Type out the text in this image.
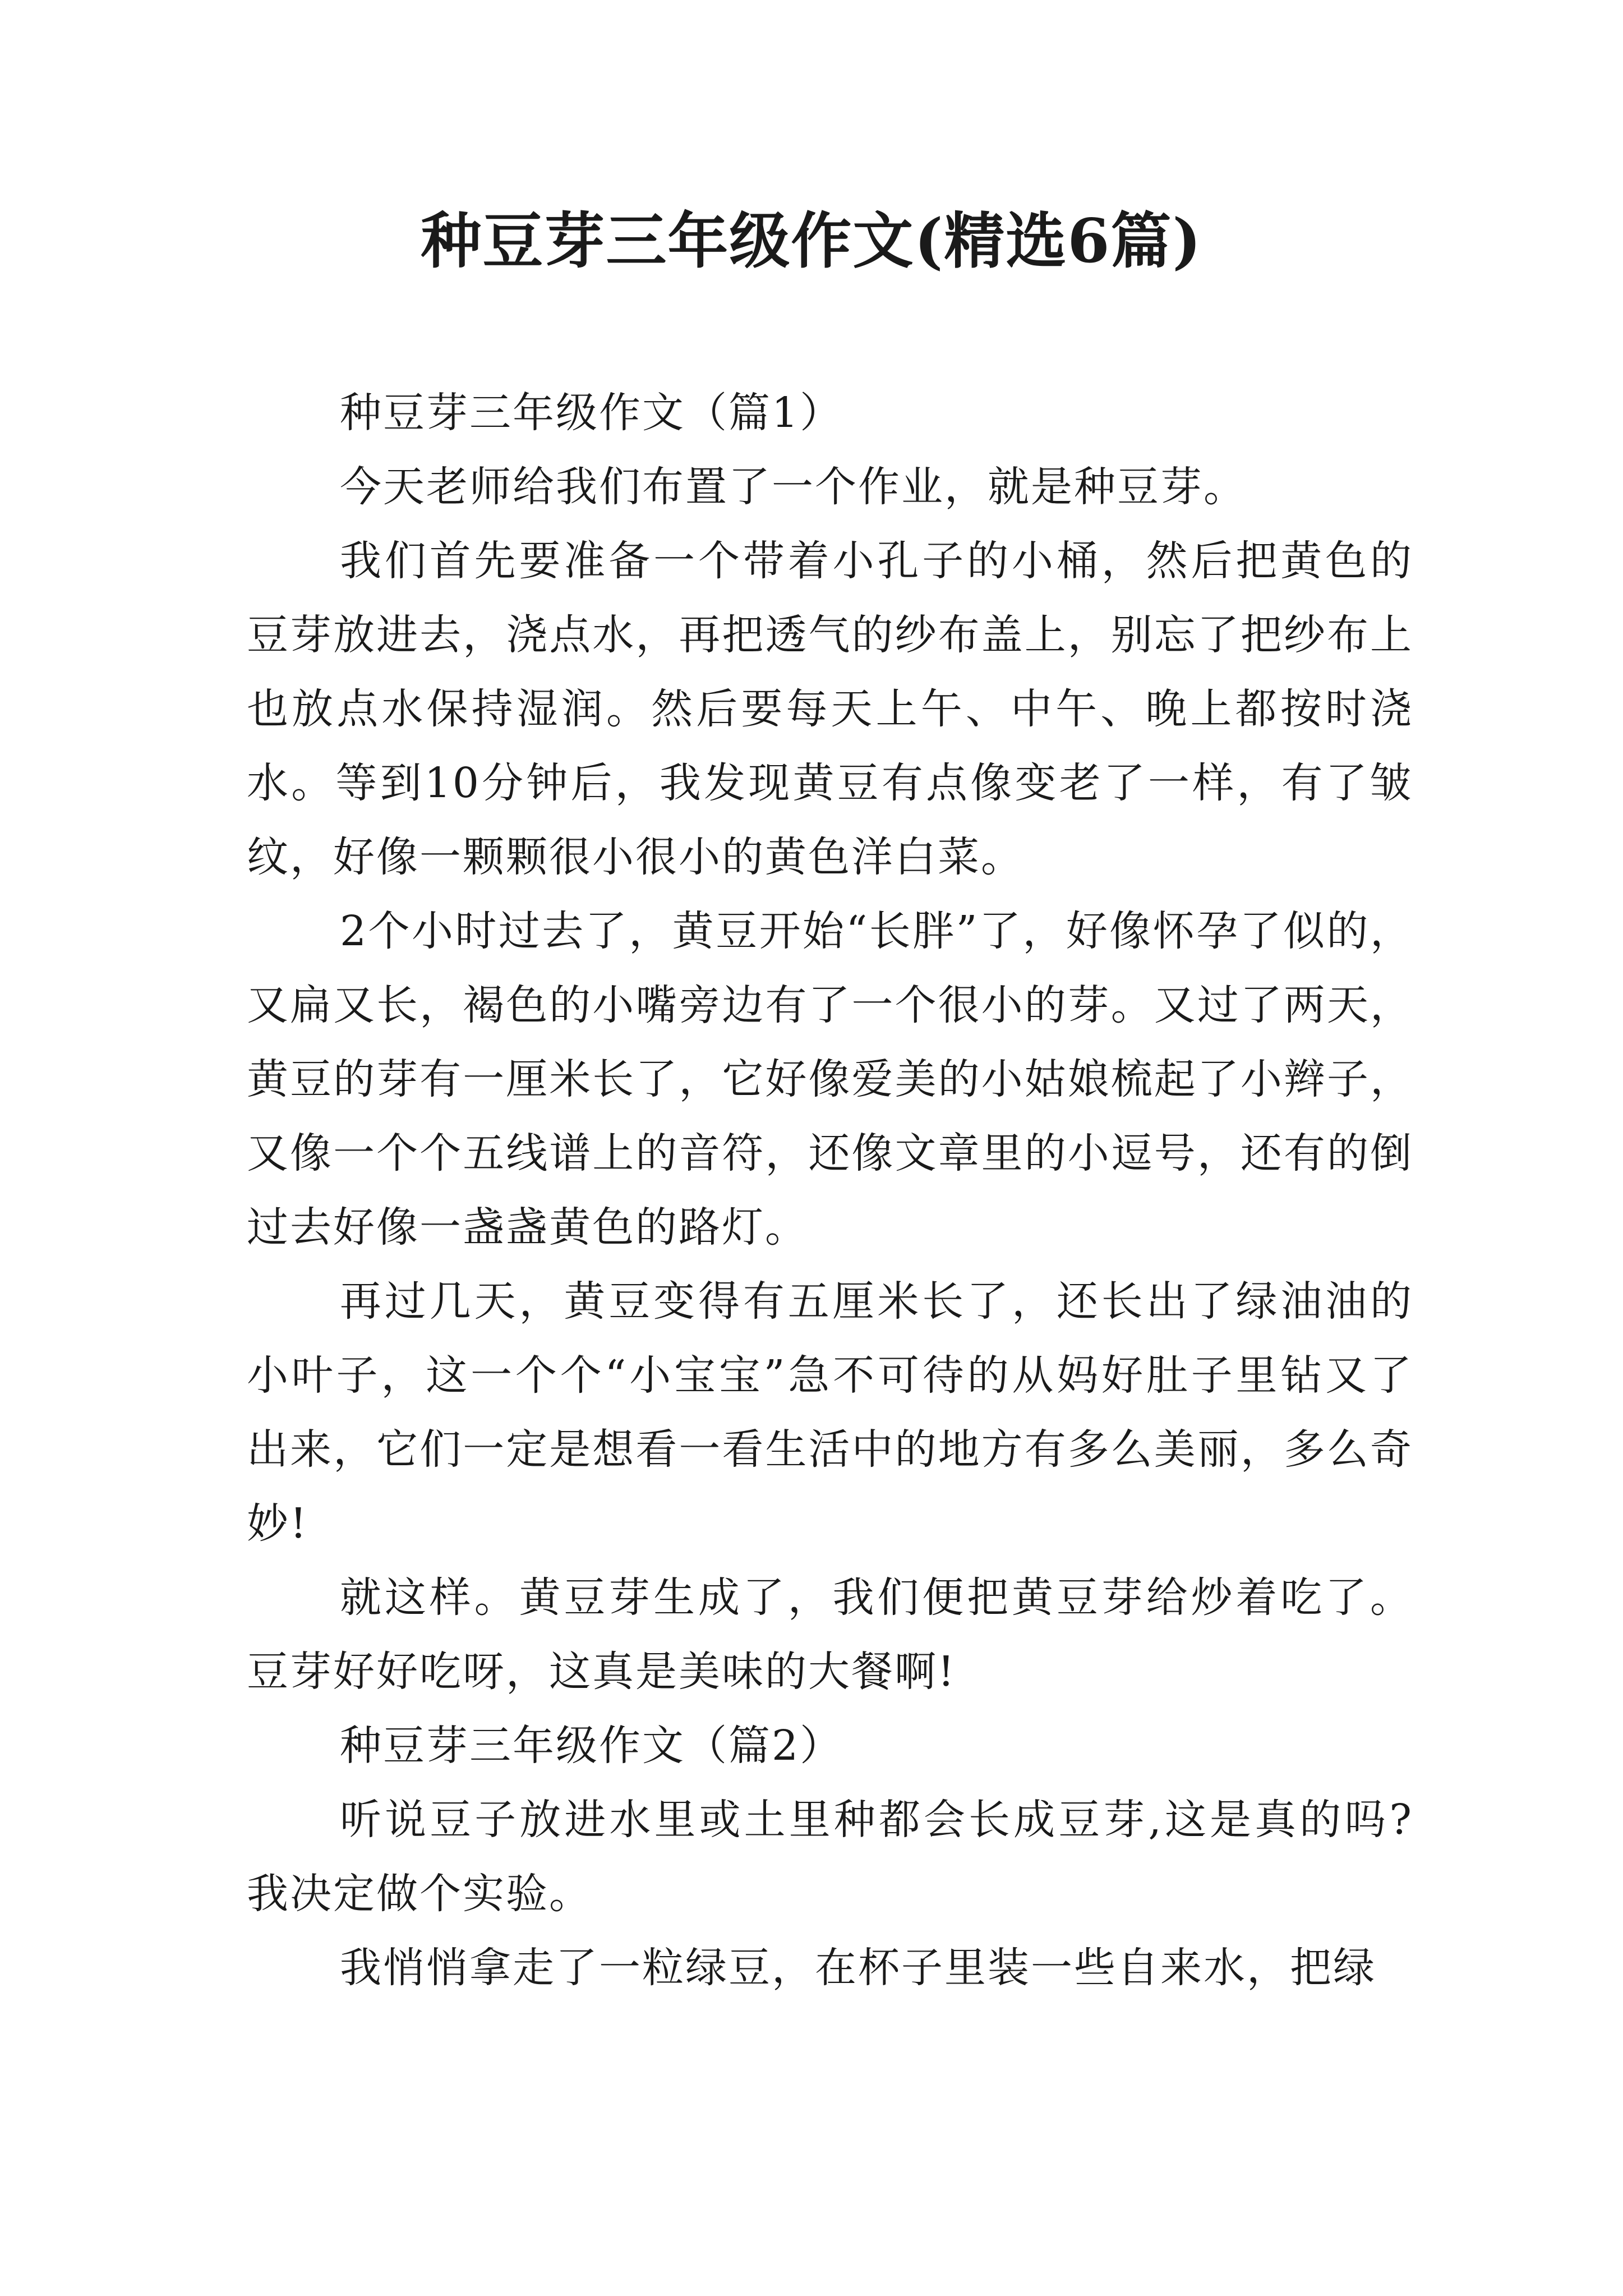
种豆芽三年级作文(精选6篇)

种豆芽三年级作文（篇1）

今天老师给我们布置了一个作业，就是种豆芽。

我们首先要准备一个带着小孔子的小桶，然后把黄色的豆芽放进去，浇点水，再把透气的纱布盖上，别忘了把纱布上也放点水保持湿润。然后要每天上午、中午、晚上都按时浇水。等到10分钟后，我发现黄豆有点像变老了一样，有了皱纹，好像一颗颗很小很小的黄色洋白菜。

2个小时过去了，黄豆开始“长胖”了，好像怀孕了似的，又扁又长，褐色的小嘴旁边有了一个很小的芽。又过了两天，黄豆的芽有一厘米长了，它好像爱美的小姑娘梳起了小辫子，又像一个个五线谱上的音符，还像文章里的小逗号，还有的倒过去好像一盏盏黄色的路灯。

再过几天，黄豆变得有五厘米长了，还长出了绿油油的小叶子，这一个个“小宝宝”急不可待的从妈好肚子里钻又了出来，它们一定是想看一看生活中的地方有多么美丽，多么奇妙!

就这样。黄豆芽生成了，我们便把黄豆芽给炒着吃了。豆芽好好吃呀，这真是美味的大餐啊!

种豆芽三年级作文（篇2）

听说豆子放进水里或土里种都会长成豆芽,这是真的吗?我决定做个实验。

我悄悄拿走了一粒绿豆，在杯子里装一些自来水，把绿
